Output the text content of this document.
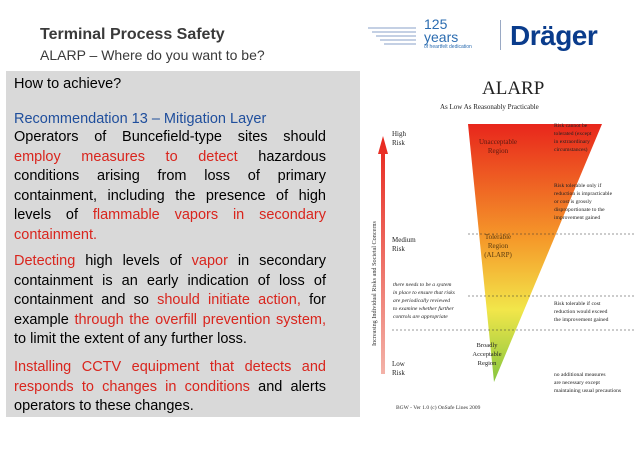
Terminal Process Safety
ALARP – Where do you want to be?
125
years
of heartfelt dedication Dräger
How to achieve?
Recommendation 13 – Mitigation Layer
Operators of Buncefield-type sites should employ measures to detect hazardous conditions arising from loss of primary containment, including the presence of high levels of flammable vapors in secondary containment.
Detecting high levels of vapor in secondary containment is an early indication of loss of containment and so should initiate action, for example through the overfill prevention system, to limit the extent of any further loss.
Installing CCTV equipment that detects and responds to changes in conditions and alerts operators to these changes.
ALARP
As Low As Reasonably Practicable
Increasing Individual Risks and Societal Concerns
High
Risk
Medium
Risk
Low
Risk
Unacceptable
Region
Tolerable
Region
(ALARP)
Broadly
Acceptable
Region
Risk cannot be
tolerated (except
in extraordinary
circumstances)
Risk tolerable only if
reduction is impracticable
or cost is grossly
disproportionate to the
improvement gained
Risk tolerable if cost
reduction would exceed
the improvement gained
no additional measures
are necessary except
maintaining usual precautions
there needs to be a system
in place to ensure that risks
are periodically reviewed
to examine whether further
controls are appropriate
BGW - Ver 1.0 (c) OnSafe Lines 2009
